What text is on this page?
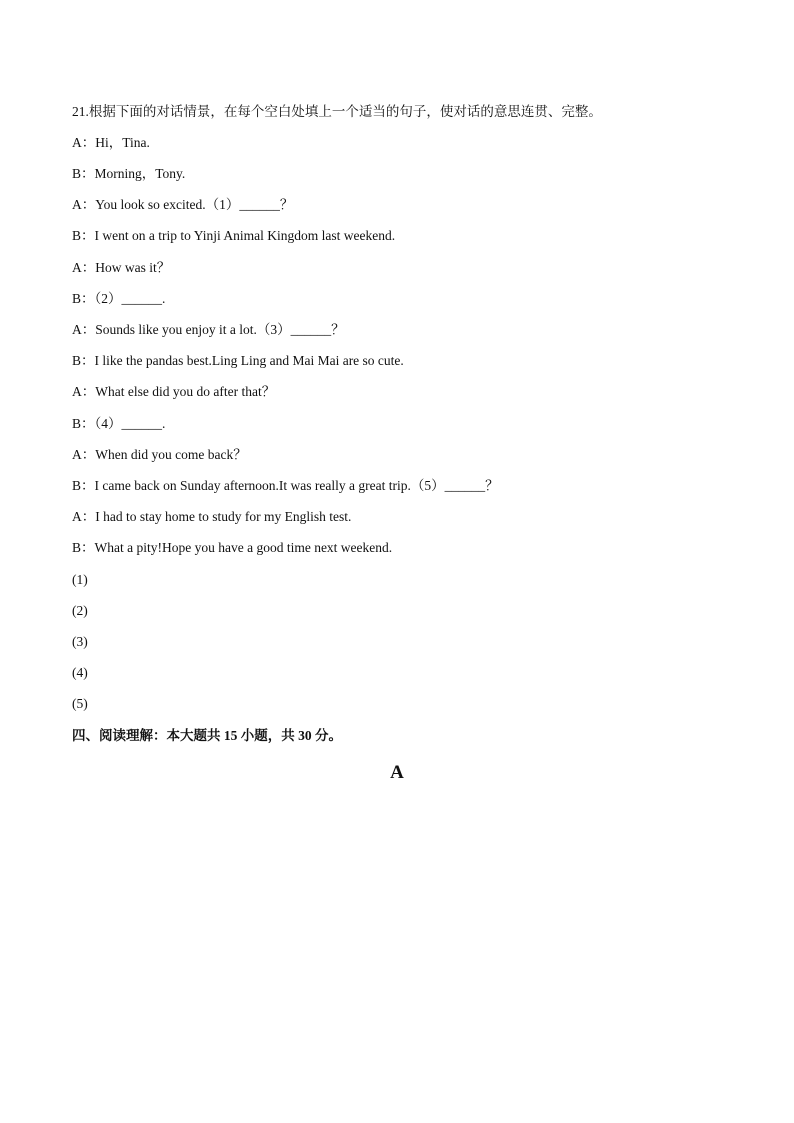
21.根据下面的对话情景，在每个空白处填上一个适当的句子，使对话的意思连贯、完整。
A：Hi，Tina.
B：Morning，Tony.
A：You look so excited.（1）______？
B：I went on a trip to Yinji Animal Kingdom last weekend.
A：How was it？
B：（2）______.
A：Sounds like you enjoy it a lot.（3）______？
B：I like the pandas best.Ling Ling and Mai Mai are so cute.
A：What else did you do after that？
B：（4）______.
A：When did you come back？
B：I came back on Sunday afternoon.It was really a great trip.（5）______？
A：I had to stay home to study for my English test.
B：What a pity!Hope you have a good time next weekend.
(1)
(2)
(3)
(4)
(5)
四、阅读理解：本大题共 15 小题，共 30 分。
A
